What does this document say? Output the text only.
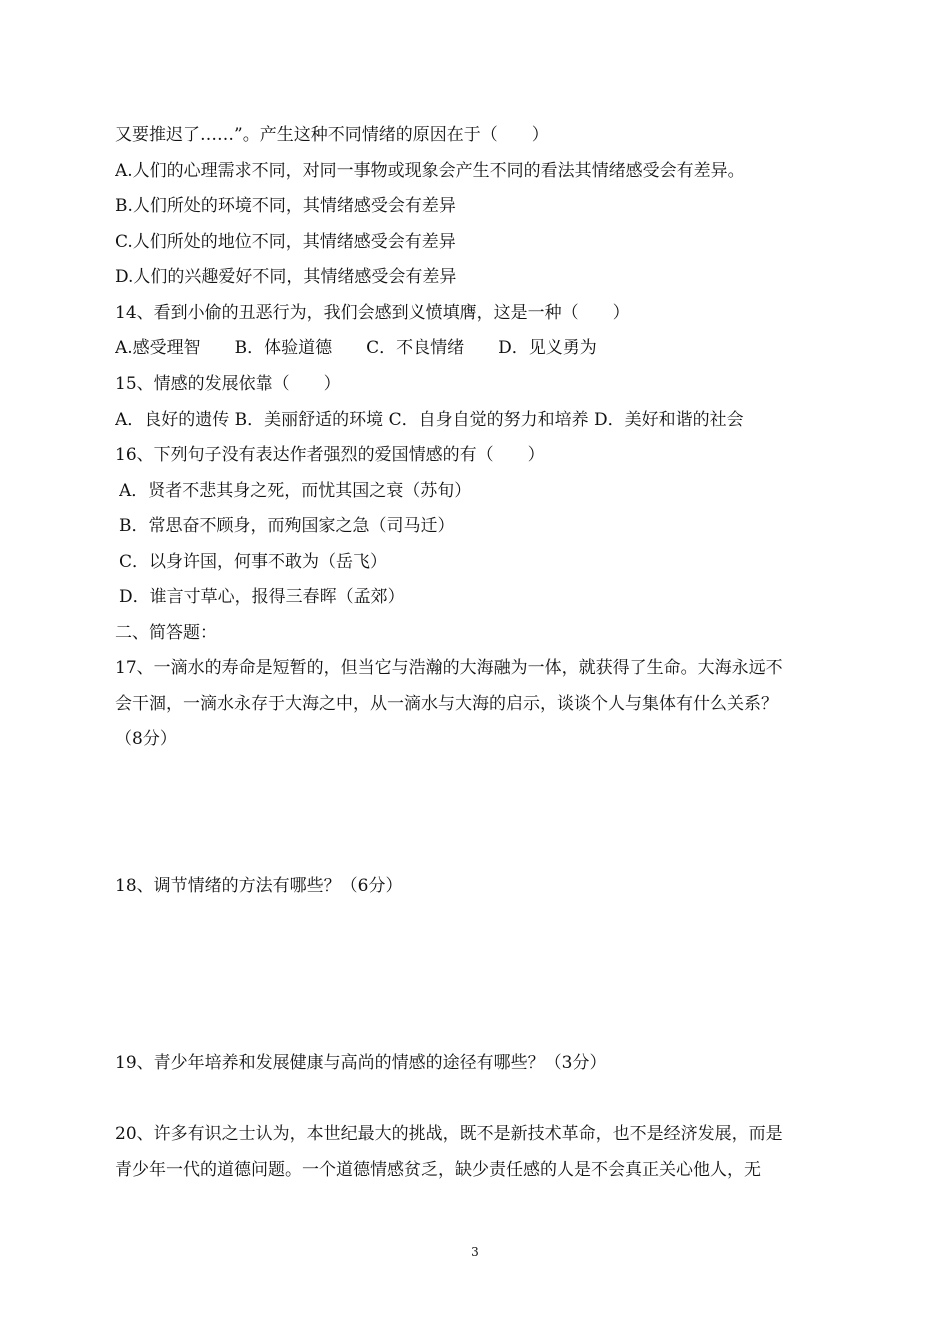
又要推迟了……”。产生这种不同情绪的原因在于（　　）
A.人们的心理需求不同，对同一事物或现象会产生不同的看法其情绪感受会有差异。
B.人们所处的环境不同，其情绪感受会有差异
C.人们所处的地位不同，其情绪感受会有差异
D.人们的兴趣爱好不同，其情绪感受会有差异
14、看到小偷的丑恶行为，我们会感到义愤填膺，这是一种（　　）
A.感受理智　　B．体验道德　　C．不良情绪　　D．见义勇为
15、情感的发展依靠（　　）
A．良好的遗传 B．美丽舒适的环境 C．自身自觉的努力和培养 D．美好和谐的社会
16、下列句子没有表达作者强烈的爱国情感的有（　　）
A．贤者不悲其身之死，而忧其国之衰（苏旬）
B．常思奋不顾身，而殉国家之急（司马迁）
C．以身许国，何事不敢为（岳飞）
D．谁言寸草心，报得三春晖（孟郊）
二、简答题：
17、一滴水的寿命是短暂的，但当它与浩瀚的大海融为一体，就获得了生命。大海永远不
会干涸，一滴水永存于大海之中，从一滴水与大海的启示，谈谈个人与集体有什么关系？
（8分）
18、调节情绪的方法有哪些？（6分）
19、青少年培养和发展健康与高尚的情感的途径有哪些？（3分）
20、许多有识之士认为，本世纪最大的挑战，既不是新技术革命，也不是经济发展，而是
青少年一代的道德问题。一个道德情感贫乏，缺少责任感的人是不会真正关心他人，无
3
